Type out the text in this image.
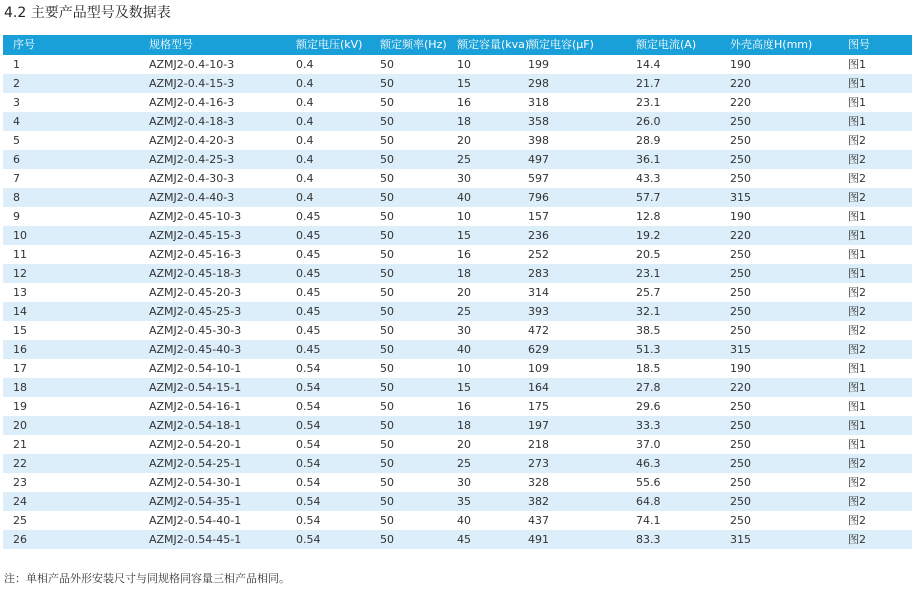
4.2 主要产品型号及数据表
序号	规格型号	额定电压(kV)	额定频率(Hz)	额定容量(kva)	额定电容(μF)	额定电流(A)	外壳高度H(mm)	图号
1	AZMJ2-0.4-10-3	0.4	50	10	199	14.4	190	图1
2	AZMJ2-0.4-15-3	0.4	50	15	298	21.7	220	图1
3	AZMJ2-0.4-16-3	0.4	50	16	318	23.1	220	图1
4	AZMJ2-0.4-18-3	0.4	50	18	358	26.0	250	图1
5	AZMJ2-0.4-20-3	0.4	50	20	398	28.9	250	图2
6	AZMJ2-0.4-25-3	0.4	50	25	497	36.1	250	图2
7	AZMJ2-0.4-30-3	0.4	50	30	597	43.3	250	图2
8	AZMJ2-0.4-40-3	0.4	50	40	796	57.7	315	图2
9	AZMJ2-0.45-10-3	0.45	50	10	157	12.8	190	图1
10	AZMJ2-0.45-15-3	0.45	50	15	236	19.2	220	图1
11	AZMJ2-0.45-16-3	0.45	50	16	252	20.5	250	图1
12	AZMJ2-0.45-18-3	0.45	50	18	283	23.1	250	图1
13	AZMJ2-0.45-20-3	0.45	50	20	314	25.7	250	图2
14	AZMJ2-0.45-25-3	0.45	50	25	393	32.1	250	图2
15	AZMJ2-0.45-30-3	0.45	50	30	472	38.5	250	图2
16	AZMJ2-0.45-40-3	0.45	50	40	629	51.3	315	图2
17	AZMJ2-0.54-10-1	0.54	50	10	109	18.5	190	图1
18	AZMJ2-0.54-15-1	0.54	50	15	164	27.8	220	图1
19	AZMJ2-0.54-16-1	0.54	50	16	175	29.6	250	图1
20	AZMJ2-0.54-18-1	0.54	50	18	197	33.3	250	图1
21	AZMJ2-0.54-20-1	0.54	50	20	218	37.0	250	图1
22	AZMJ2-0.54-25-1	0.54	50	25	273	46.3	250	图2
23	AZMJ2-0.54-30-1	0.54	50	30	328	55.6	250	图2
24	AZMJ2-0.54-35-1	0.54	50	35	382	64.8	250	图2
25	AZMJ2-0.54-40-1	0.54	50	40	437	74.1	250	图2
26	AZMJ2-0.54-45-1	0.54	50	45	491	83.3	315	图2
注：单相产品外形安装尺寸与同规格同容量三相产品相同。
